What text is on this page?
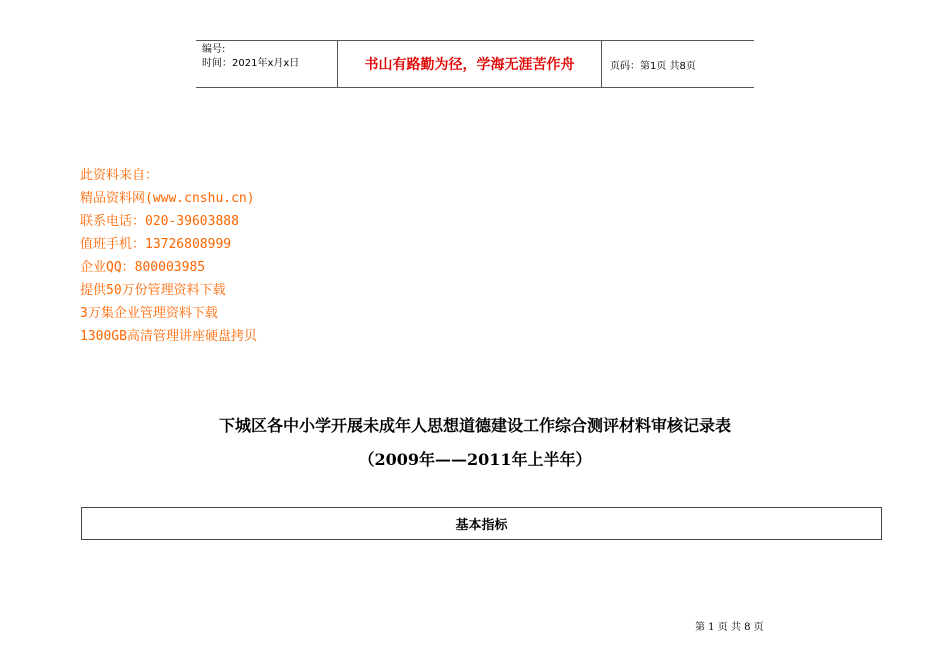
编号:
时间：2021年x月x日	书山有路勤为径，学海无涯苦作舟	页码：第1页 共8页
此资料来自：
精品资料网(www.cnshu.cn)
联系电话：020-39603888
值班手机：13726808999
企业QQ：800003985
提供50万份管理资料下载
3万集企业管理资料下载
1300GB高清管理讲座硬盘拷贝
下城区各中小学开展未成年人思想道德建设工作综合测评材料审核记录表
（2009年——2011年上半年）
基本指标
第 1 页 共 8 页
